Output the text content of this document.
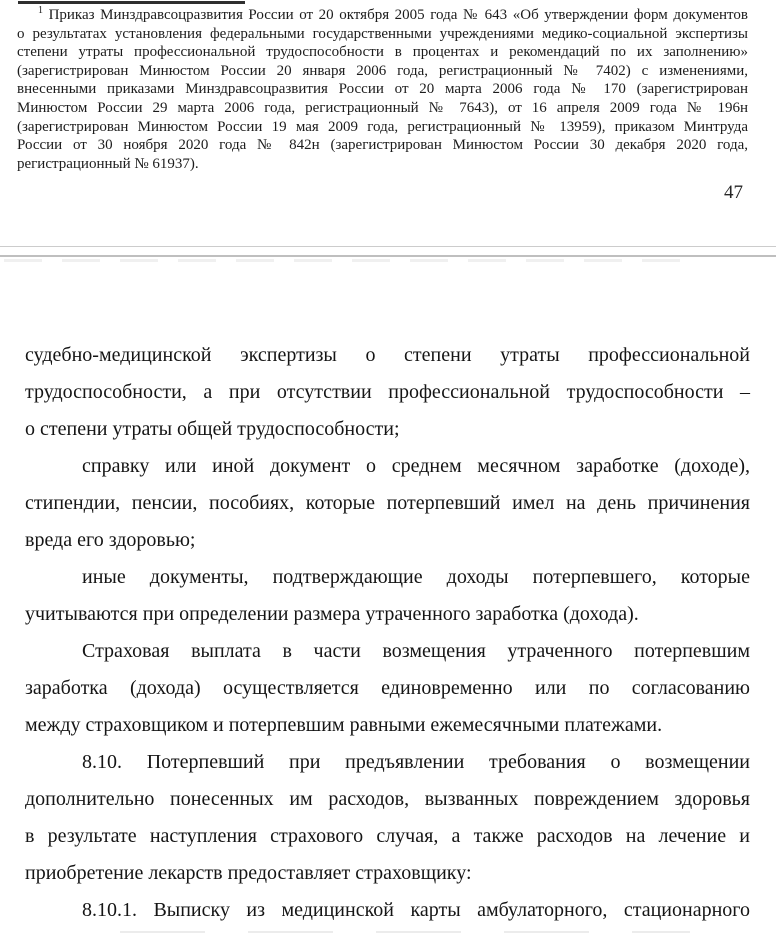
$^1$ Приказ Минздравсоцразвития России от 20 октября 2005 года № 643 «Об утверждении форм документов
о результатах установления федеральными государственными учреждениями медико-социальной экспертизы
степени утраты профессиональной трудоспособности в процентах и рекомендаций по их заполнению»
(зарегистрирован Минюстом России 20 января 2006 года, регистрационный № 7402) с изменениями,
внесенными приказами Минздравсоцразвития России от 20 марта 2006 года № 170 (зарегистрирован
Минюстом России 29 марта 2006 года, регистрационный № 7643), от 16 апреля 2009 года № 196н
(зарегистрирован Минюстом России 19 мая 2009 года, регистрационный № 13959), приказом Минтруда
России от 30 ноября 2020 года № 842н (зарегистрирован Минюстом России 30 декабря 2020 года,
регистрационный № 61937).
47
судебно-медицинской экспертизы о степени утраты профессиональной
трудоспособности, а при отсутствии профессиональной трудоспособности –
о степени утраты общей трудоспособности;
справку или иной документ о среднем месячном заработке (доходе),
стипендии, пенсии, пособиях, которые потерпевший имел на день причинения
вреда его здоровью;
иные документы, подтверждающие доходы потерпевшего, которые
учитываются при определении размера утраченного заработка (дохода).
Страховая выплата в части возмещения утраченного потерпевшим
заработка (дохода) осуществляется единовременно или по согласованию
между страховщиком и потерпевшим равными ежемесячными платежами.
8.10. Потерпевший при предъявлении требования о возмещении
дополнительно понесенных им расходов, вызванных повреждением здоровья
в результате наступления страхового случая, а также расходов на лечение и
приобретение лекарств предоставляет страховщику:
8.10.1. Выписку из медицинской карты амбулаторного, стационарного
